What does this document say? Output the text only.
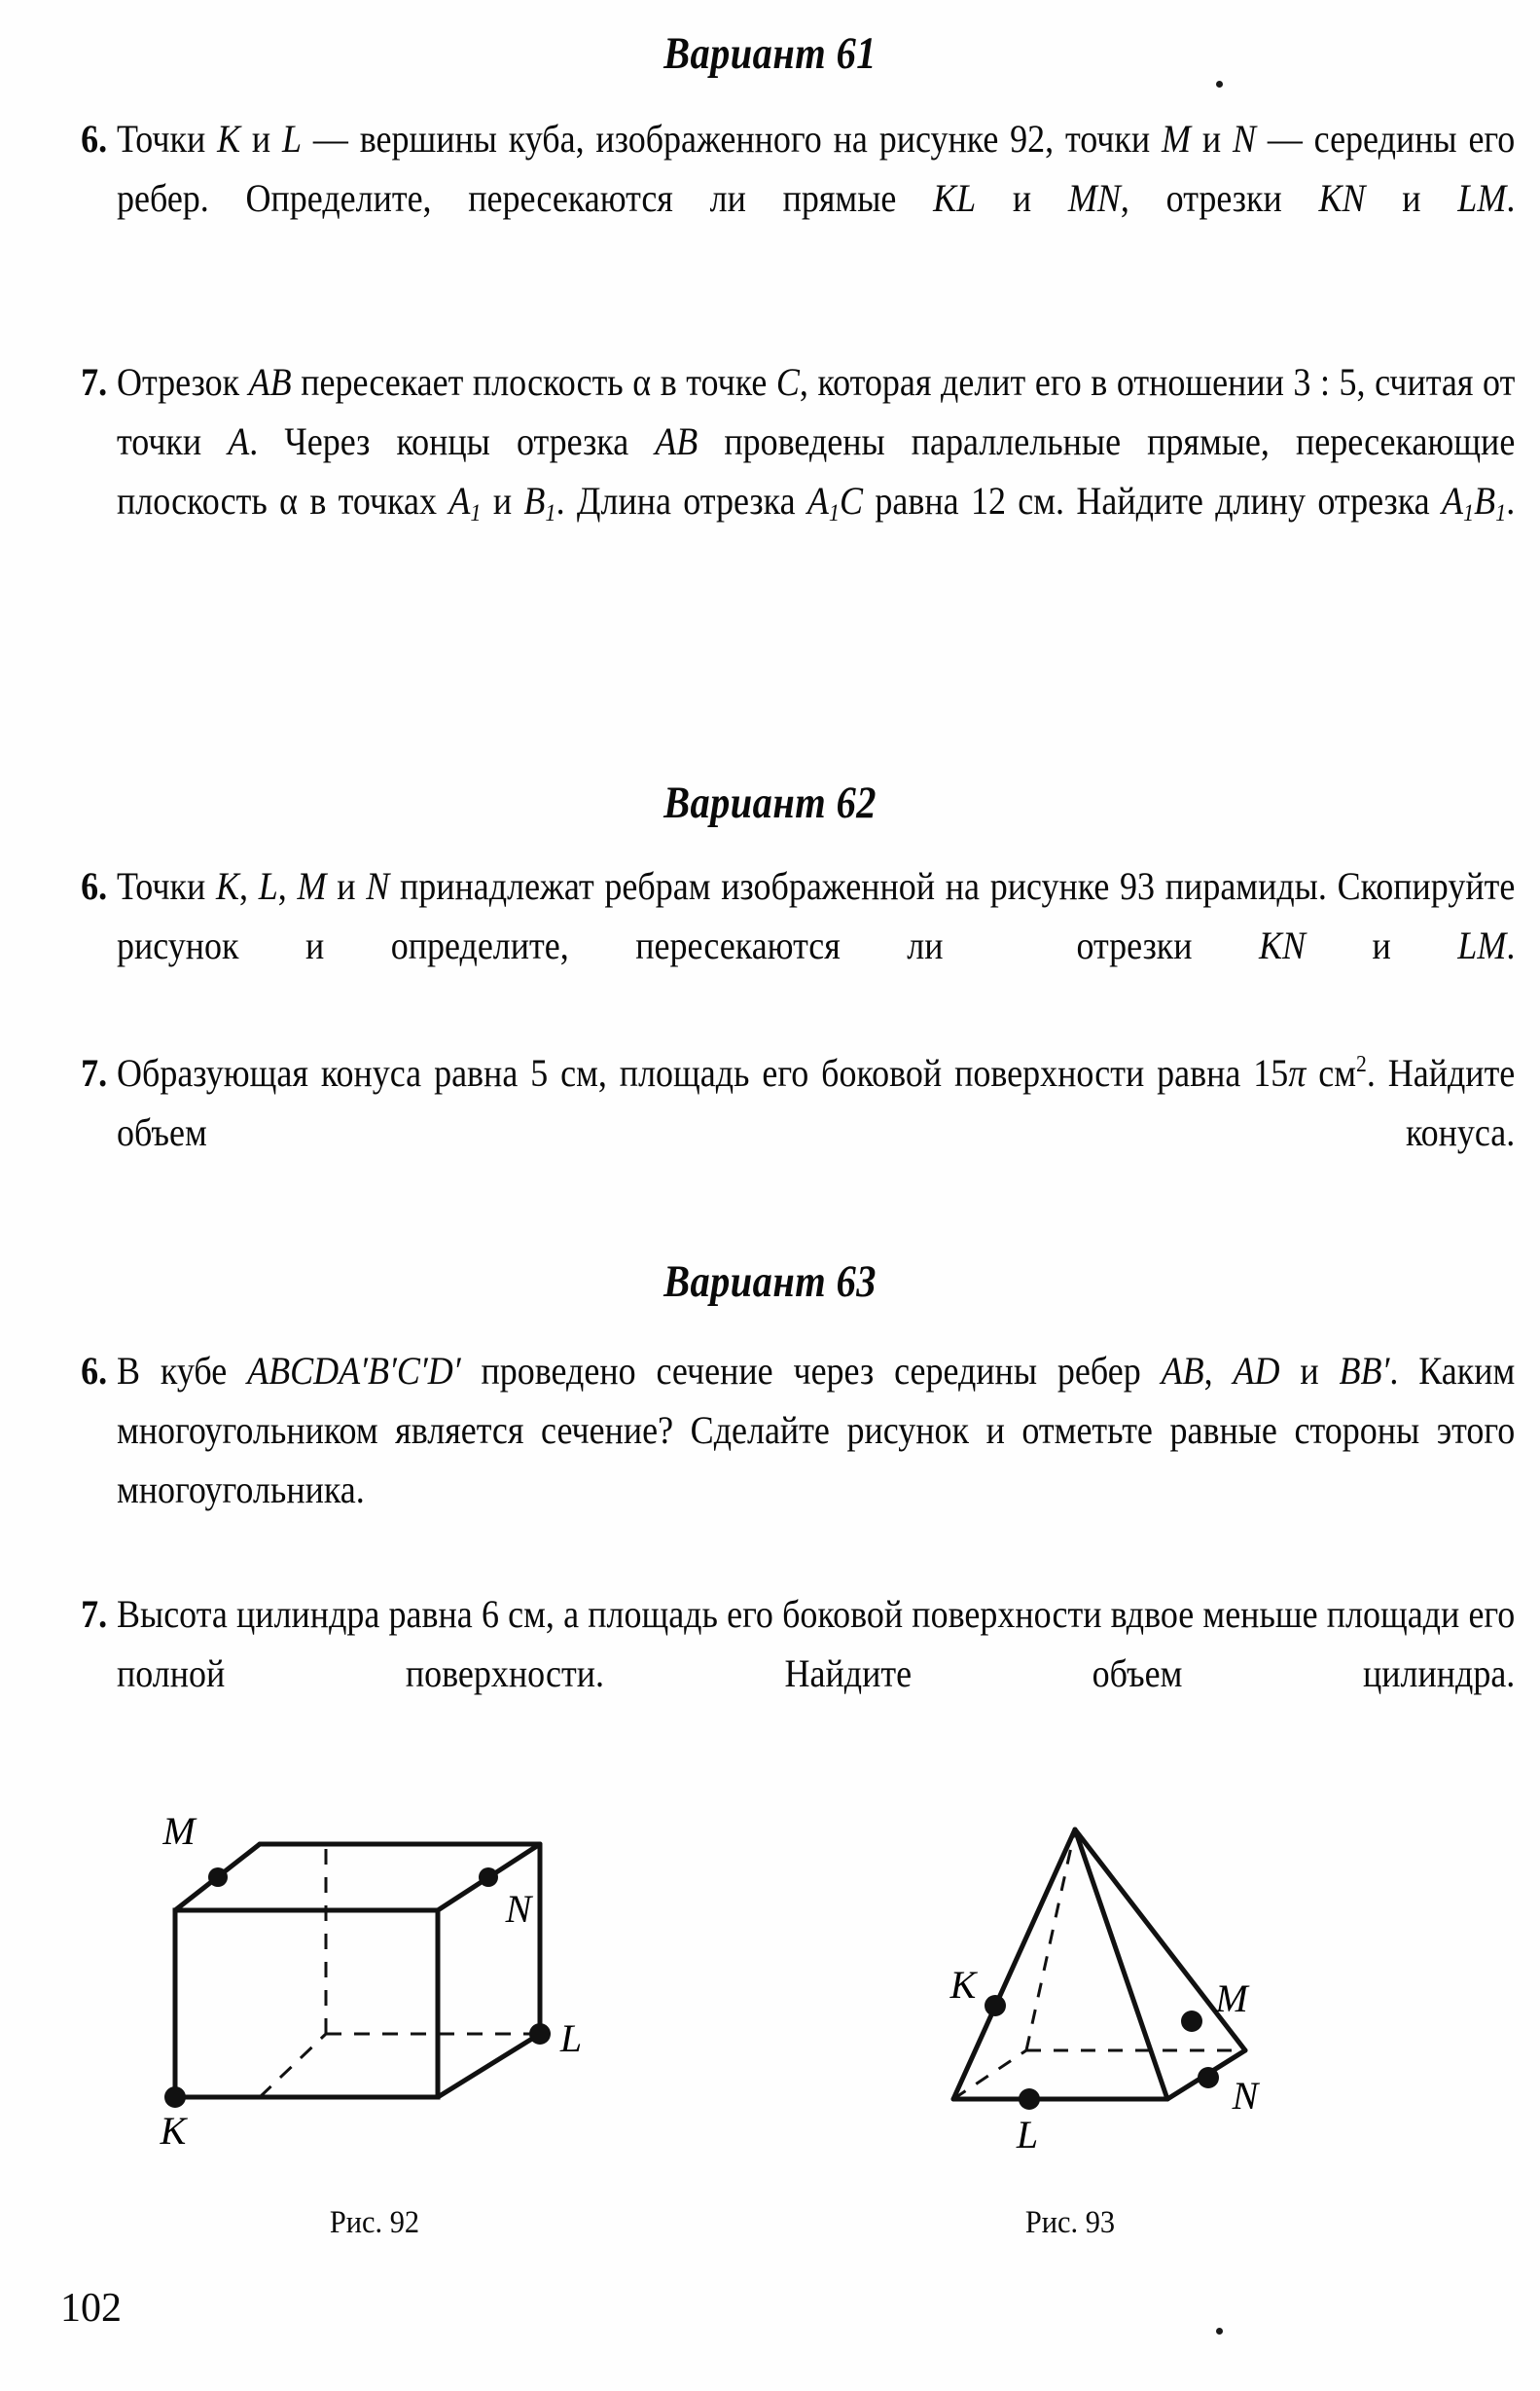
Вариант 61
6. Точки K и L — вершины куба, изображенного на рисунке 92, точки M и N — середины его ребер. Определите, пересекаются ли прямые KL и MN, отрезки KN и LM.
7. Отрезок AB пересекает плоскость α в точке C, которая делит его в отношении 3 : 5, считая от точки A. Через концы отрезка AB проведены параллельные прямые, пересекающие плоскость α в точках $A_1$ и $B_1$. Длина отрезка $A_1C$ равна 12 см. Найдите длину отрезка $A_1B_1$.
Вариант 62
6. Точки K, L, M и N принадлежат ребрам изображенной на рисунке 93 пирамиды. Скопируйте рисунок и определите, пересекаются ли  отрезки KN и LM.
7. Образующая конуса равна 5 см, площадь его боковой поверхности равна 15π $см^2$. Найдите объем конуса.
Вариант 63
6. В кубе ABCDA′B′C′D′ проведено сечение через середины ребер AB, AD и BB′. Каким многоугольником является сечение? Сделайте рисунок и отметьте равные стороны этого многоугольника.
7. Высота цилиндра равна 6 см, а площадь его боковой поверхности вдвое меньше площади его полной поверхности. Найдите объем цилиндра.
M
N
L
K
Рис. 92
K	M
L
N
Рис. 93
102
